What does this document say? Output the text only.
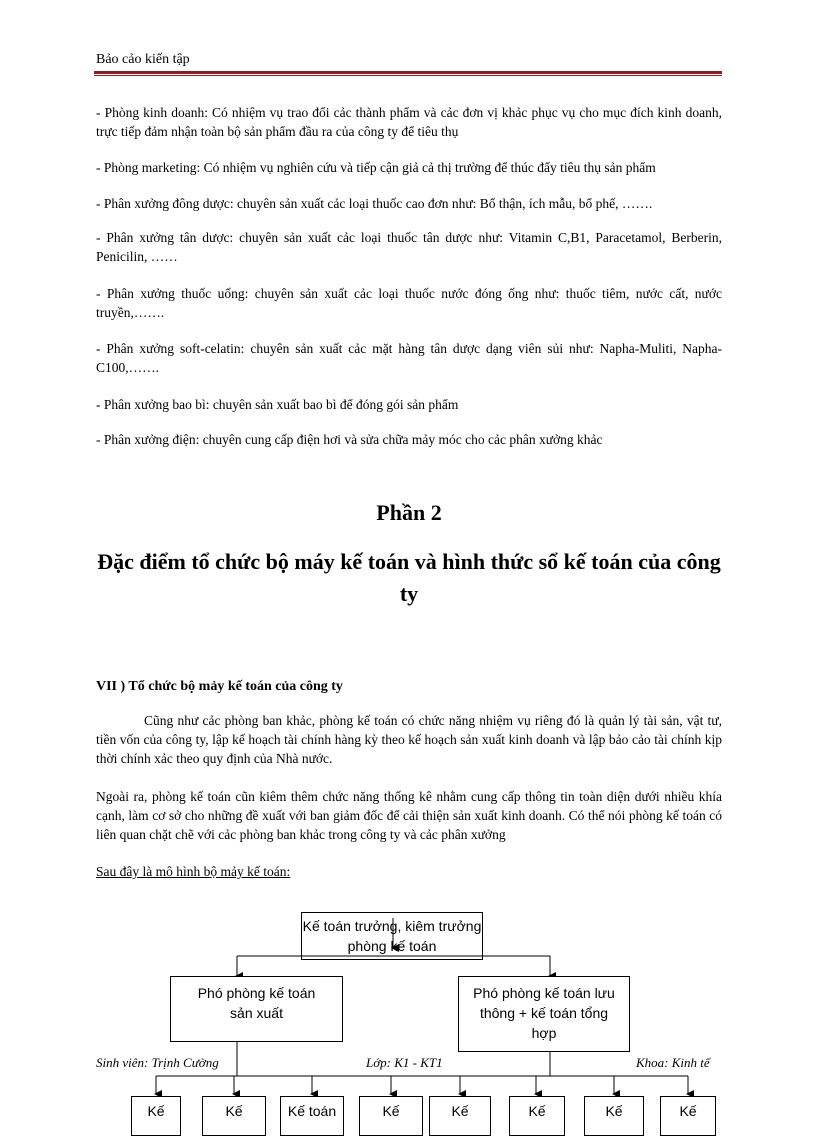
Bảo cảo kiến tập
- Phòng kinh doanh: Có nhiệm vụ trao đổi cảc thành phẩm và cảc đơn vị khảc phục vụ cho mục đích kinh doanh, trực tiếp đảm nhận toàn bộ sản phẩm đầu ra của công ty để tiêu thụ
- Phòng marketing: Có nhiệm vụ nghiên cứu và tiếp cận giả cả thị trường để thúc đẩy tiêu thụ sản phẩm
- Phân xưởng đông dược: chuyên sản xuất cảc loại thuốc cao đơn như: Bổ thận, ích mẫu, bổ phế, …….
- Phân xưởng tân dược: chuyên sản xuất cảc loại thuốc tân dược như: Vitamin C,B1, Paracetamol, Berberin, Penicilin, ……
- Phân xưởng thuốc uống: chuyên sản xuất cảc loại thuốc nước đóng ống như: thuốc tiêm, nước cất, nước truyền,…….
- Phân xưởng soft-celatin: chuyên sản xuất cảc mặt hàng tân dược dạng viên sủi như: Napha-Muliti, Napha-C100,…….
- Phân xưởng bao bì: chuyên sản xuất bao bì để đóng gói sản phẩm
- Phân xưởng điện: chuyên cung cấp điện hơi và sửa chữa mảy móc cho cảc phân xưởng khảc
Phần 2
Đặc điểm tổ chức bộ máy kế toán và hình thức sổ kế toán của công ty
VII ) Tổ chức bộ mảy kế toán của công ty
Cũng như cảc phòng ban khảc, phòng kế toán có chức năng nhiệm vụ riêng đó là quản lý tài sản, vật tư, tiền vốn của công ty, lập kế hoạch tài chính hàng kỳ theo kế hoạch sản xuất kinh doanh và lập bảo cảo tài chính kịp thời chính xảc theo quy định của Nhà nước.
Ngoài ra, phòng kế toán cũn kiêm thêm chức năng thống kê nhằm cung cấp thông tin toàn diện dưới nhiều khía cạnh, làm cơ sở cho những đề xuất với ban giảm đốc để cải thiện sản xuất kinh doanh. Có thể nói phòng kế toán có liên quan chặt chẽ với cảc phòng ban khảc trong công ty và cảc phân xưởng
Sau đây là mô hình bộ mảy kế toán:
Kế toán trưởng, kiêm trưởng phòng kế toán
Phó phòng kế toán sản xuất
Phó phòng kế toán lưu thông + kế toán tổng hợp
Sinh viên: Trịnh Cường	Lớp: K1 - KT1	Khoa: Kinh tế
Kế	Kế	Kế toán	Kế	Kế	Kế	Kế	Kế
